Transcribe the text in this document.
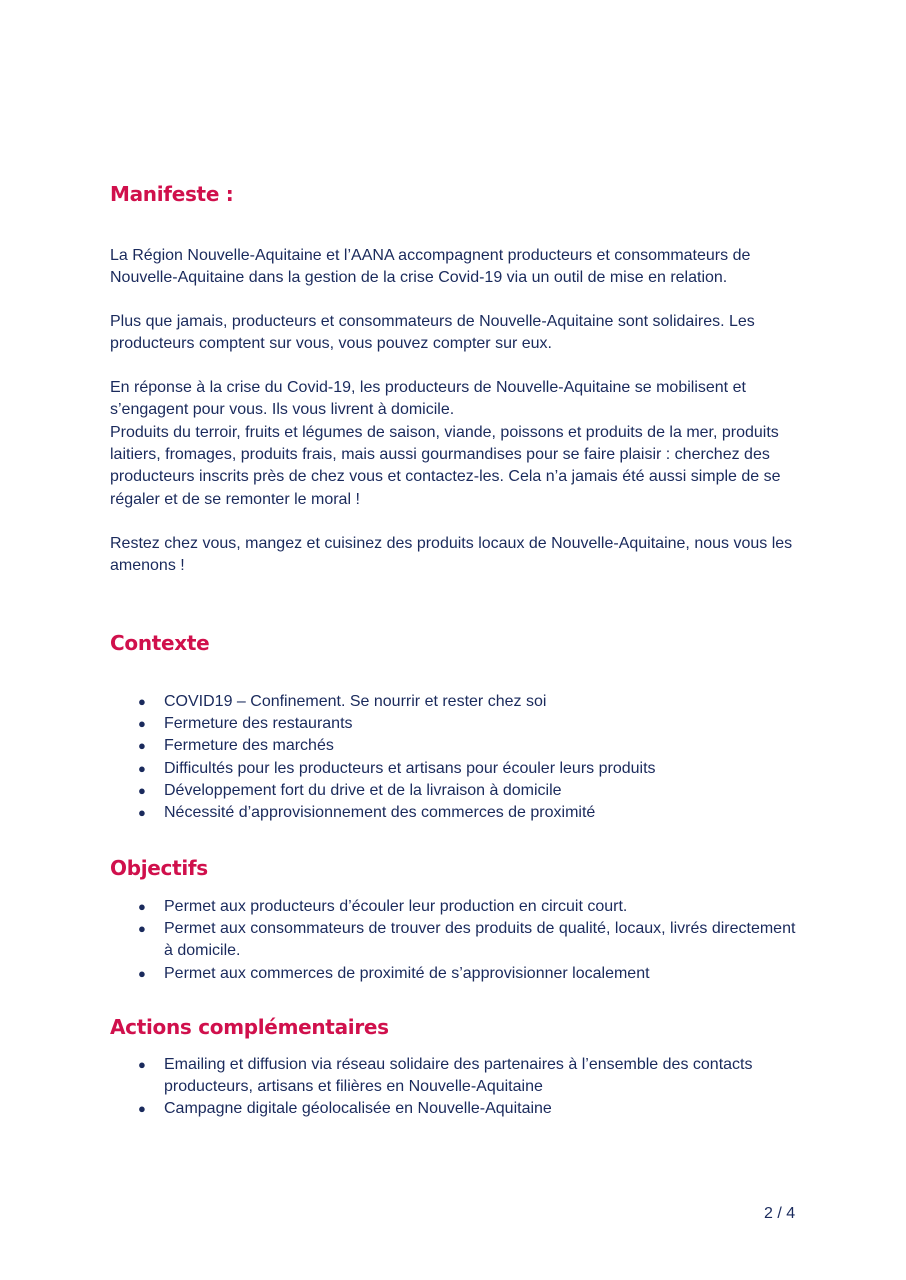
Manifeste :

La Région Nouvelle-Aquitaine et l’AANA accompagnent producteurs et consommateurs de Nouvelle-Aquitaine dans la gestion de la crise Covid-19 via un outil de mise en relation.

Plus que jamais, producteurs et consommateurs de Nouvelle-Aquitaine sont solidaires. Les producteurs comptent sur vous, vous pouvez compter sur eux.

En réponse à la crise du Covid-19, les producteurs de Nouvelle-Aquitaine se mobilisent et s’engagent pour vous. Ils vous livrent à domicile.

Produits du terroir, fruits et légumes de saison, viande, poissons et produits de la mer, produits laitiers, fromages, produits frais, mais aussi gourmandises pour se faire plaisir : cherchez des producteurs inscrits près de chez vous et contactez-les. Cela n’a jamais été aussi simple de se régaler et de se remonter le moral !

Restez chez vous, mangez et cuisinez des produits locaux de Nouvelle-Aquitaine, nous vous les amenons !

Contexte
● COVID19 – Confinement. Se nourrir et rester chez soi
● Fermeture des restaurants
● Fermeture des marchés
● Difficultés pour les producteurs et artisans pour écouler leurs produits
● Développement fort du drive et de la livraison à domicile
● Nécessité d’approvisionnement des commerces de proximité
Objectifs
● Permet aux producteurs d’écouler leur production en circuit court.
● Permet aux consommateurs de trouver des produits de qualité, locaux, livrés directement à domicile.
● Permet aux commerces de proximité de s’approvisionner localement
Actions complémentaires
● Emailing et diffusion via réseau solidaire des partenaires à l’ensemble des contacts producteurs, artisans et filières en Nouvelle-Aquitaine
● Campagne digitale géolocalisée en Nouvelle-Aquitaine
2 / 4
